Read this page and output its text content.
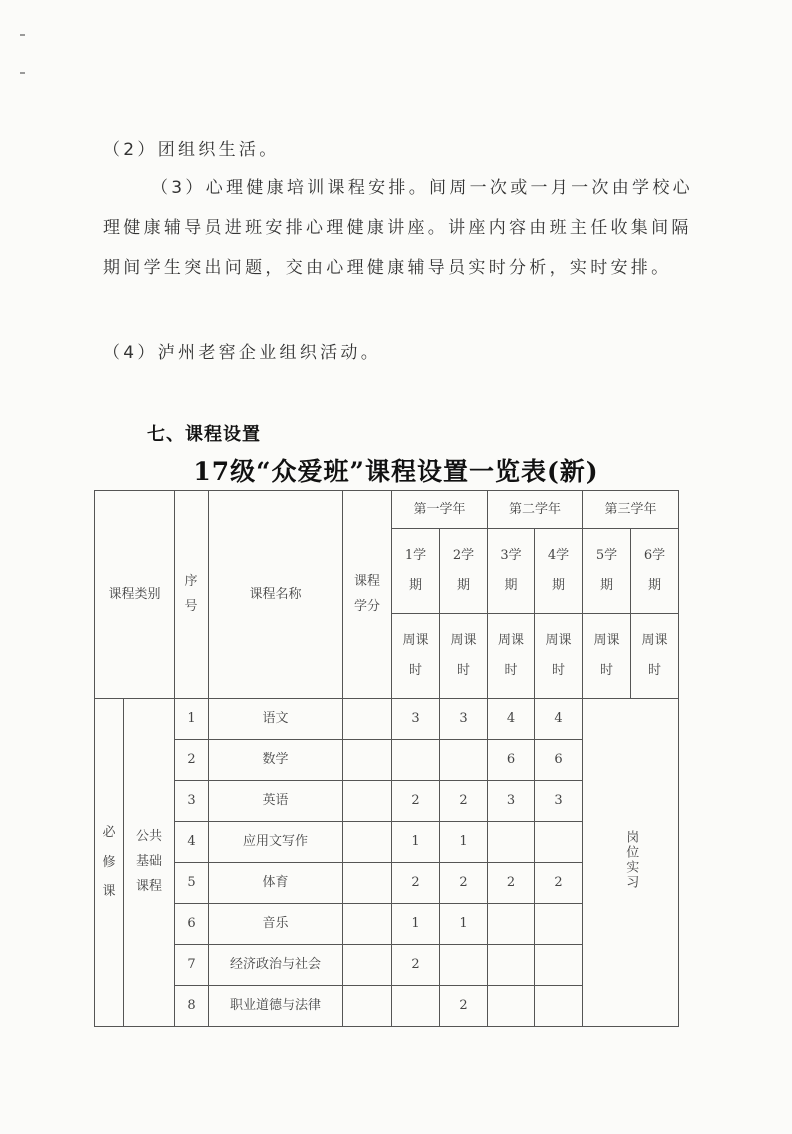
（2）团组织生活。

（3）心理健康培训课程安排。间周一次或一月一次由学校心理健康辅导员进班安排心理健康讲座。讲座内容由班主任收集间隔期间学生突出问题，交由心理健康辅导员实时分析，实时安排。

（4）泸州老窖企业组织活动。

七、课程设置
17级“众爱班”课程设置一览表(新)
课程类别		序号	课程名称	课程学分	第一学年		第二学年		第三学年	
					1学期	2学期	3学期	4学期	5学期	6学期
					周课时	周课时	周课时	周课时	周课时	周课时
必修课	公共基础课程	1	语文		3	3	4	4	岗位实习	
		2	数学				6	6		
		3	英语		2	2	3	3		
		4	应用文写作		1	1				
		5	体育		2	2	2	2		
		6	音乐		1	1				
		7	经济政治与社会		2					
		8	职业道德与法律			2				
